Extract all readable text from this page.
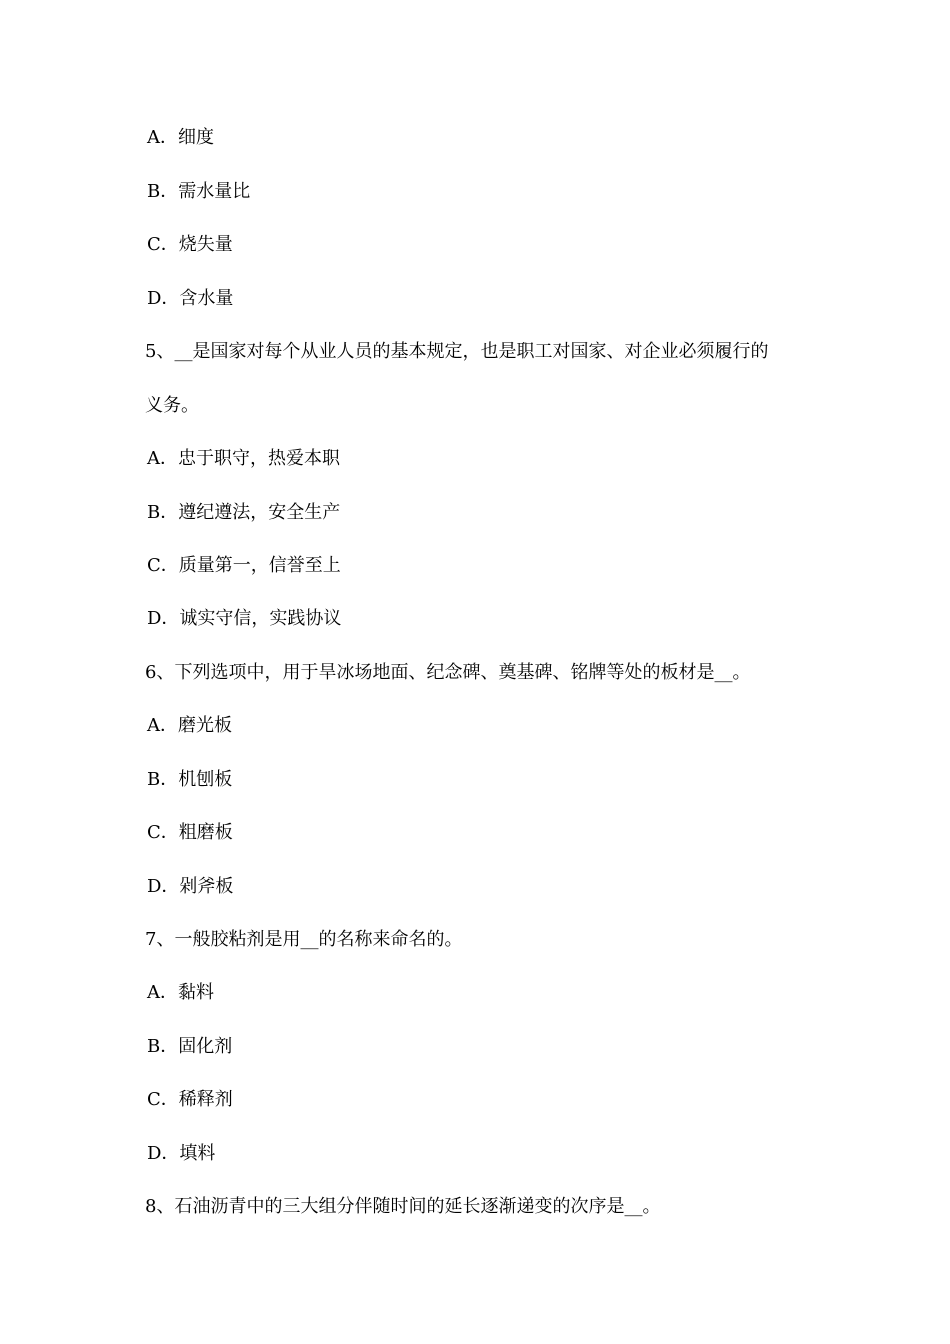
A．细度
B．需水量比
C．烧失量
D．含水量
5、__是国家对每个从业人员的基本规定，也是职工对国家、对企业必须履行的
义务。
A．忠于职守，热爱本职
B．遵纪遵法，安全生产
C．质量第一，信誉至上
D．诚实守信，实践协议
6、下列选项中，用于旱冰场地面、纪念碑、奠基碑、铭牌等处的板材是__。
A．磨光板
B．机刨板
C．粗磨板
D．剁斧板
7、一般胶粘剂是用__的名称来命名的。
A．黏料
B．固化剂
C．稀释剂
D．填料
8、石油沥青中的三大组分伴随时间的延长逐渐递变的次序是__。
